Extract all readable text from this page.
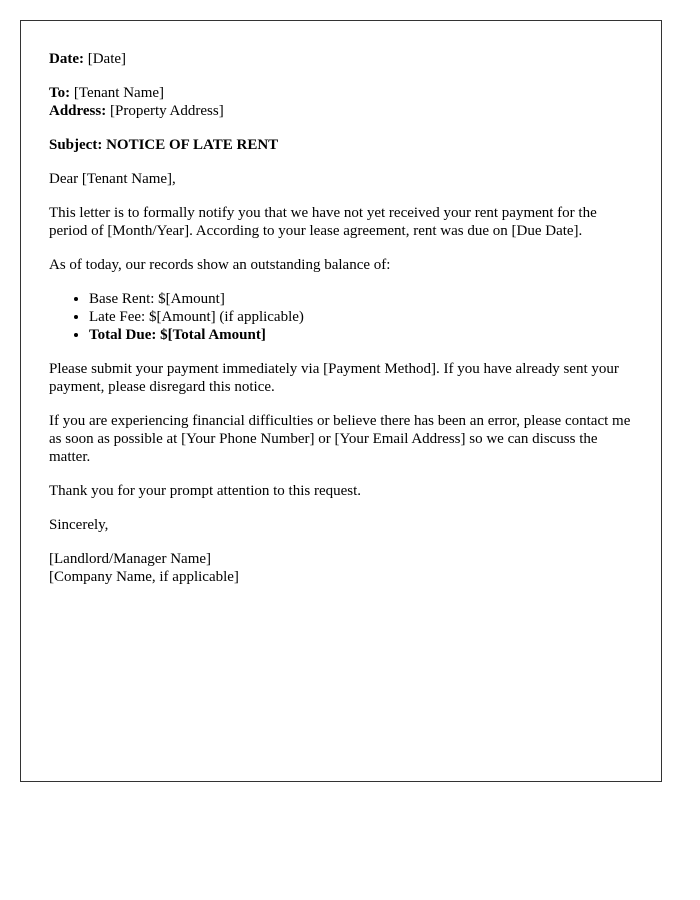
Date: [Date]

To: [Tenant Name]
Address: [Property Address]

Subject: NOTICE OF LATE RENT

Dear [Tenant Name],

This letter is to formally notify you that we have not yet received your rent payment for the period of [Month/Year]. According to your lease agreement, rent was due on [Due Date].

As of today, our records show an outstanding balance of:

• Base Rent: $[Amount]
• Late Fee: $[Amount] (if applicable)
• Total Due: $[Total Amount]

Please submit your payment immediately via [Payment Method]. If you have already sent your payment, please disregard this notice.

If you are experiencing financial difficulties or believe there has been an error, please contact me as soon as possible at [Your Phone Number] or [Your Email Address] so we can discuss the matter.

Thank you for your prompt attention to this request.

Sincerely,

[Landlord/Manager Name]
[Company Name, if applicable]
